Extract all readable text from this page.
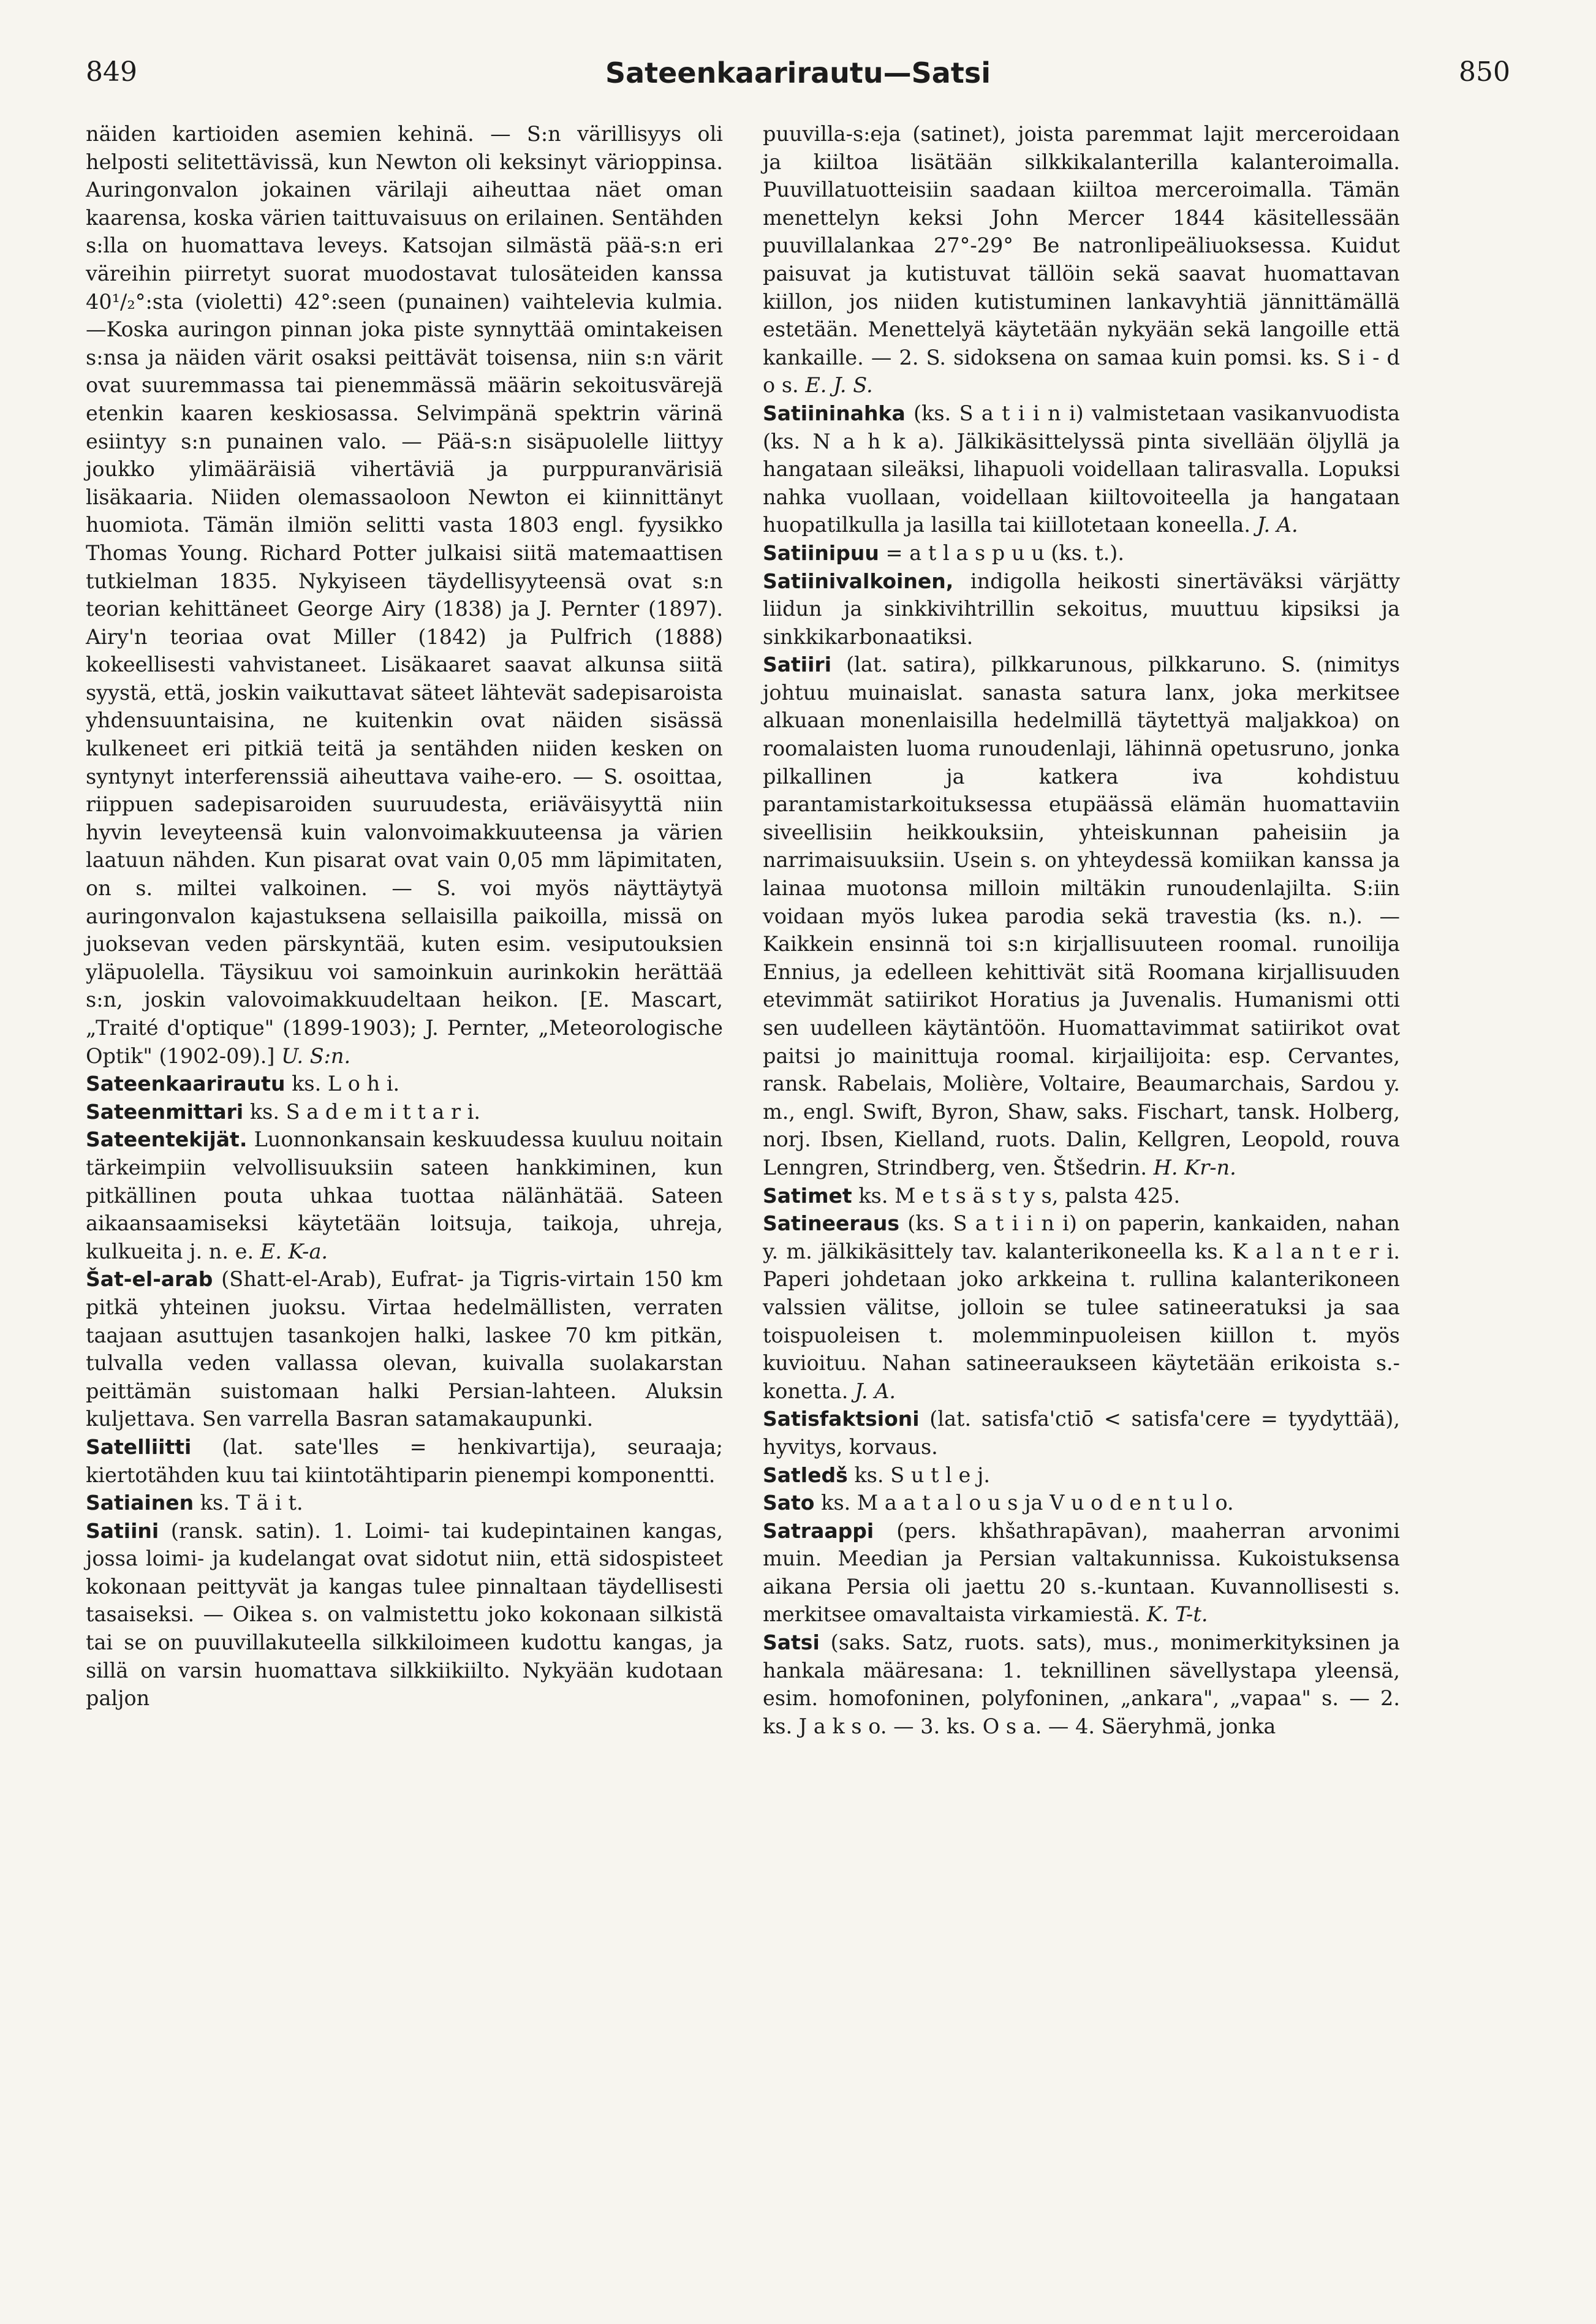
849	Sateenkaarirautu—Satsi	850

näiden kartioiden asemien kehinä. — S:n värillisyys oli helposti selitettävissä, kun Newton oli keksinyt värioppinsa. Auringonvalon jokainen värilaji aiheuttaa näet oman kaarensa, koska värien taittuvaisuus on erilainen. Sentähden s:lla on huomattava leveys. Katsojan silmästä pää-s:n eri väreihin piirretyt suorat muodostavat tulosäteiden kanssa 40¹/₂°:sta (violetti) 42°:seen (punainen) vaihtelevia kulmia. —Koska auringon pinnan joka piste synnyttää omintakeisen s:nsa ja näiden värit osaksi peittävät toisensa, niin s:n värit ovat suuremmassa tai pienemmässä määrin sekoitusvärejä etenkin kaaren keskiosassa. Selvimpänä spektrin värinä esiintyy s:n punainen valo. — Pää-s:n sisäpuolelle liittyy joukko ylimääräisiä vihertäviä ja purppuranvärisiä lisäkaaria. Niiden olemassaoloon Newton ei kiinnittänyt huomiota. Tämän ilmiön selitti vasta 1803 engl. fyysikko Thomas Young. Richard Potter julkaisi siitä matemaattisen tutkielman 1835. Nykyiseen täydellisyyteensä ovat s:n teorian kehittäneet George Airy (1838) ja J. Pernter (1897). Airy'n teoriaa ovat Miller (1842) ja Pulfrich (1888) kokeellisesti vahvistaneet. Lisäkaaret saavat alkunsa siitä syystä, että, joskin vaikuttavat säteet lähtevät sadepisaroista yhdensuuntaisina, ne kuitenkin ovat näiden sisässä kulkeneet eri pitkiä teitä ja sentähden niiden kesken on syntynyt interferenssiä aiheuttava vaihe-ero. — S. osoittaa, riippuen sadepisaroiden suuruudesta, eriäväisyyttä niin hyvin leveyteensä kuin valonvoimakkuuteensa ja värien laatuun nähden. Kun pisarat ovat vain 0,05 mm läpimitaten, on s. miltei valkoinen. — S. voi myös näyttäytyä auringonvalon kajastuksena sellaisilla paikoilla, missä on juoksevan veden pärskyntää, kuten esim. vesiputouksien yläpuolella. Täysikuu voi samoinkuin aurinkokin herättää s:n, joskin valovoimakkuudeltaan heikon. [E. Mascart, „Traité d'optique" (1899-1903); J. Pernter, „Meteorologische Optik" (1902-09).] U. S:n.

Sateenkaarirautu ks. L o h i.

Sateenmittari ks. S a d e m i t t a r i.

Sateentekijät. Luonnonkansain keskuudessa kuuluu noitain tärkeimpiin velvollisuuksiin sateen hankkiminen, kun pitkällinen pouta uhkaa tuottaa nälänhätää. Sateen aikaansaamiseksi käytetään loitsuja, taikoja, uhreja, kulkueita j. n. e. E. K-a.

Šat-el-arab (Shatt-el-Arab), Eufrat- ja Tigris-virtain 150 km pitkä yhteinen juoksu. Virtaa hedelmällisten, verraten taajaan asuttujen tasankojen halki, laskee 70 km pitkän, tulvalla veden vallassa olevan, kuivalla suolakarstan peittämän suistomaan halki Persian-lahteen. Aluksin kuljettava. Sen varrella Basran satamakaupunki.

Satelliitti (lat. sate'lles = henkivartija), seuraaja; kiertotähden kuu tai kiintotähtiparin pienempi komponentti.

Satiainen ks. T ä i t.

Satiini (ransk. satin). 1. Loimi- tai kudepintainen kangas, jossa loimi- ja kudelangat ovat sidotut niin, että sidospisteet kokonaan peittyvät ja kangas tulee pinnaltaan täydellisesti tasaiseksi. — Oikea s. on valmistettu joko kokonaan silkistä tai se on puuvillakuteella silkkiloimeen kudottu kangas, ja sillä on varsin huomattava silkkiikiilto. Nykyään kudotaan paljon

puuvilla-s:eja (satinet), joista paremmat lajit merceroidaan ja kiiltoa lisätään silkkikalanterilla kalanteroimalla. Puuvillatuotteisiin saadaan kiiltoa merceroimalla. Tämän menettelyn keksi John Mercer 1844 käsitellessään puuvillalankaa 27°-29° Be natronlipeäliuoksessa. Kuidut paisuvat ja kutistuvat tällöin sekä saavat huomattavan kiillon, jos niiden kutistuminen lankavyhtiä jännittämällä estetään. Menettelyä käytetään nykyään sekä langoille että kankaille. — 2. S. sidoksena on samaa kuin pomsi. ks. S i - d o s. E. J. S.

Satiininahka (ks. S a t i i n i) valmistetaan vasikanvuodista (ks. N a h k a). Jälkikäsittelyssä pinta sivellään öljyllä ja hangataan sileäksi, lihapuoli voidellaan talirasvalla. Lopuksi nahka vuollaan, voidellaan kiiltovoiteella ja hangataan huopatilkulla ja lasilla tai kiillotetaan koneella. J. A.

Satiinipuu = a t l a s p u u (ks. t.).

Satiinivalkoinen, indigolla heikosti sinertäväksi värjätty liidun ja sinkkivihtrillin sekoitus, muuttuu kipsiksi ja sinkkikarbonaatiksi.

Satiiri (lat. satira), pilkkarunous, pilkkaruno. S. (nimitys johtuu muinaislat. sanasta satura lanx, joka merkitsee alkuaan monenlaisilla hedelmillä täytettyä maljakkoa) on roomalaisten luoma runoudenlaji, lähinnä opetusruno, jonka pilkallinen ja katkera iva kohdistuu parantamistarkoituksessa etupäässä elämän huomattaviin siveellisiin heikkouksiin, yhteiskunnan paheisiin ja narrimaisuuksiin. Usein s. on yhteydessä komiikan kanssa ja lainaa muotonsa milloin miltäkin runoudenlajilta. S:iin voidaan myös lukea parodia sekä travestia (ks. n.). — Kaikkein ensinnä toi s:n kirjallisuuteen roomal. runoilija Ennius, ja edelleen kehittivät sitä Roomanа kirjallisuuden etevimmät satiirikot Horatius ja Juvenalis. Humanismi otti sen uudelleen käytäntöön. Huomattavimmat satiirikot ovat paitsi jo mainittuja roomal. kirjailijoita: esp. Cervantes, ransk. Rabelais, Molière, Voltaire, Beaumarchais, Sardou y. m., engl. Swift, Byron, Shaw, saks. Fischart, tansk. Holberg, norj. Ibsen, Kielland, ruots. Dalin, Kellgren, Leopold, rouva Lenngren, Strindberg, ven. Štšedrin. H. Kr-n.

Satimet ks. M e t s ä s t y s, palsta 425.

Satineeraus (ks. S a t i i n i) on paperin, kankaiden, nahan y. m. jälkikäsittely tav. kalanterikoneella ks. K a l a n t e r i. Paperi johdetaan joko arkkeina t. rullina kalanterikoneen valssien välitse, jolloin se tulee satineeratuksi ja saa toispuoleisen t. molemminpuoleisen kiillon t. myös kuvioituu. Nahan satineeraukseen käytetään erikoista s.-konetta. J. A.

Satisfaktsioni (lat. satisfa'ctiō < satisfa'cere = tyydyttää), hyvitys, korvaus.

Satledš ks. S u t l e j.

Sato ks. M a a t a l o u s ja V u o d e n t u l o.

Satraappi (pers. khšathrapāvan), maaherran arvonimi muin. Meedian ja Persian valtakunnissa. Kukoistuksensa aikana Persia oli jaettu 20 s.-kuntaan. Kuvannollisesti s. merkitsee omavaltaista virkamiestä. K. T-t.

Satsi (saks. Satz, ruots. sats), mus., monimerkityksinen ja hankala määresana: 1. teknillinen sävellystapa yleensä, esim. homofoninen, polyfoninen, „ankara", „vapaa" s. — 2. ks. J a k s o. — 3. ks. O s a. — 4. Säeryhmä, jonka
